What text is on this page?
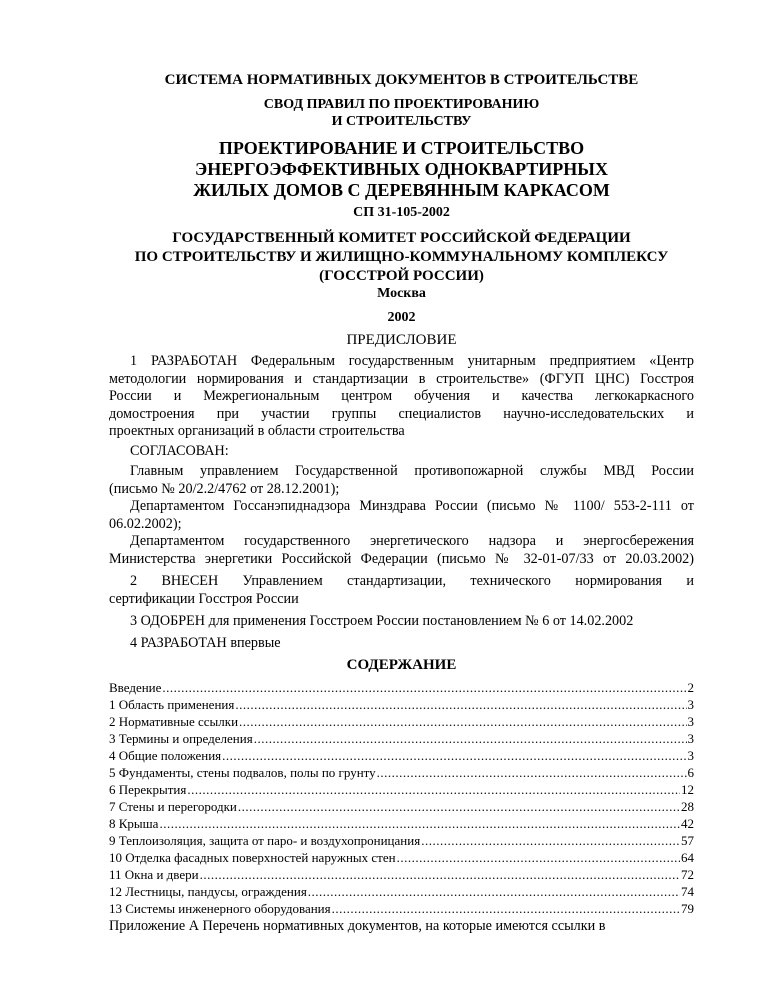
СИСТЕМА НОРМАТИВНЫХ ДОКУМЕНТОВ В СТРОИТЕЛЬСТВЕ
СВОД ПРАВИЛ ПО ПРОЕКТИРОВАНИЮ
И СТРОИТЕЛЬСТВУ
ПРОЕКТИРОВАНИЕ И СТРОИТЕЛЬСТВО
ЭНЕРГОЭФФЕКТИВНЫХ ОДНОКВАРТИРНЫХ
ЖИЛЫХ ДОМОВ С ДЕРЕВЯННЫМ КАРКАСОМ
СП 31-105-2002
ГОСУДАРСТВЕННЫЙ КОМИТЕТ РОССИЙСКОЙ ФЕДЕРАЦИИ
ПО СТРОИТЕЛЬСТВУ И ЖИЛИЩНО-КОММУНАЛЬНОМУ КОМПЛЕКСУ
(ГОССТРОЙ РОССИИ)
Москва
2002
ПРЕДИСЛОВИЕ
1 РАЗРАБОТАН Федеральным государственным унитарным предприятием «Центр
методологии нормирования и стандартизации в строительстве» (ФГУП ЦНС) Госстроя
России и Межрегиональным центром обучения и качества легкокаркасного
домостроения при участии группы специалистов научно-исследовательских и
проектных организаций в области строительства
СОГЛАСОВАН:
Главным управлением Государственной противопожарной службы МВД России
(письмо № 20/2.2/4762 от 28.12.2001);
Департаментом Госсанэпиднадзора Минздрава России (письмо № 1100/ 553-2-111 от
06.02.2002);
Департаментом государственного энергетического надзора и энергосбережения
Министерства энергетики Российской Федерации (письмо № 32-01-07/33 от 20.03.2002)
2 ВНЕСЕН Управлением стандартизации, технического нормирования и
сертификации Госстроя России
3 ОДОБРЕН для применения Госстроем России постановлением № 6 от 14.02.2002
4 РАЗРАБОТАН впервые
СОДЕРЖАНИЕ
Введение .....	2
1 Область применения .....	3
2 Нормативные ссылки .....	3
3 Термины и определения .....	3
4 Общие положения .....	3
5 Фундаменты, стены подвалов, полы по грунту .....	6
6 Перекрытия .....	12
7 Стены и перегородки .....	28
8 Крыша .....	42
9 Теплоизоляция, защита от паро- и воздухопроницания .....	57
10 Отделка фасадных поверхностей наружных стен .....	64
11 Окна и двери .....	72
12 Лестницы, пандусы, ограждения .....	74
13 Системы инженерного оборудования .....	79
Приложение А Перечень нормативных документов, на которые имеются ссылки в
